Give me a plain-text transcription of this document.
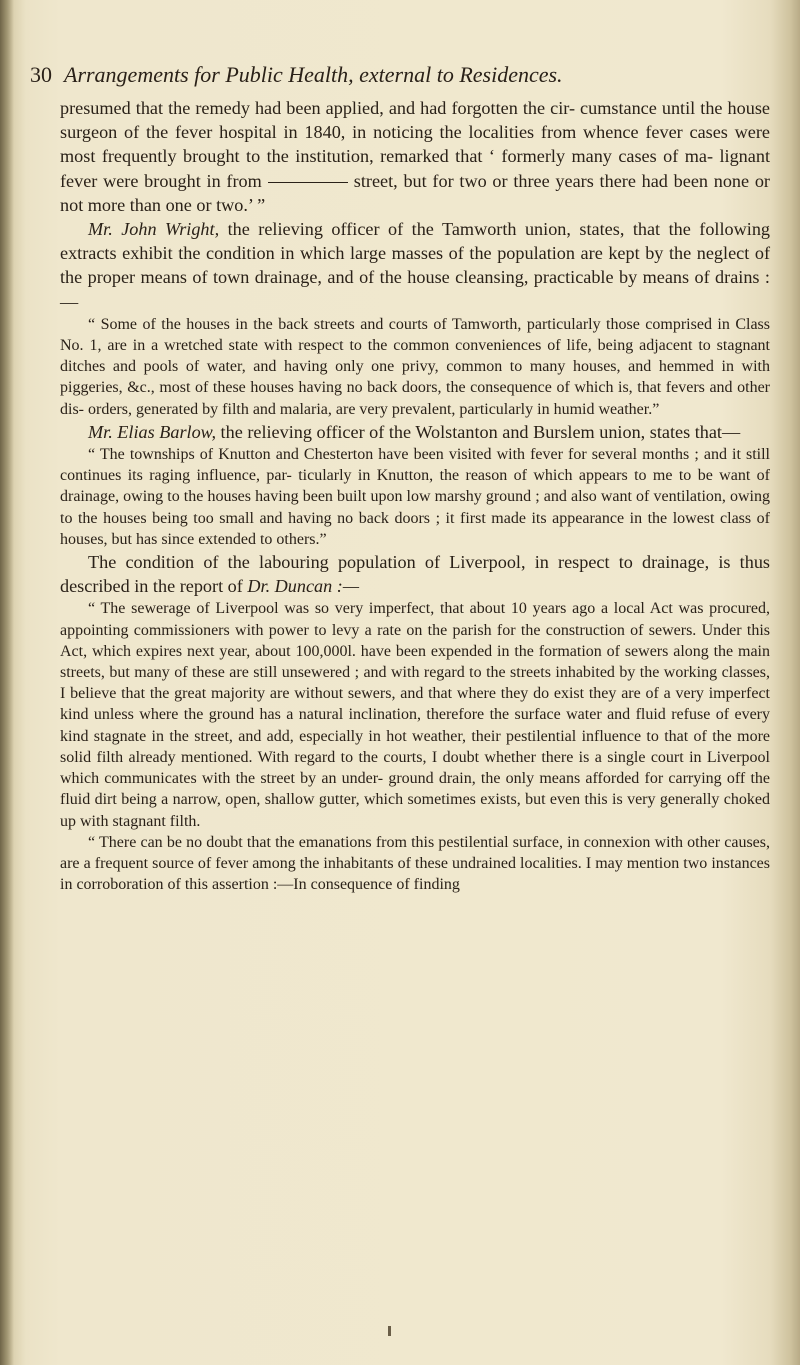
30 Arrangements for Public Health, external to Residences.

presumed that the remedy had been applied, and had forgotten the cir- cumstance until the house surgeon of the fever hospital in 1840, in noticing the localities from whence fever cases were most frequently brought to the institution, remarked that ‘ formerly many cases of ma- lignant fever were brought in from	street, but for two or three years there had been none or not more than one or two.’ ”

Mr. John Wright, the relieving officer of the Tamworth union, states, that the following extracts exhibit the condition in which large masses of the population are kept by the neglect of the proper means of town drainage, and of the house cleansing, practicable by means of drains :—

“ Some of the houses in the back streets and courts of Tamworth, particularly those comprised in Class No. 1, are in a wretched state with respect to the common conveniences of life, being adjacent to stagnant ditches and pools of water, and having only one privy, common to many houses, and hemmed in with piggeries, &c., most of these houses having no back doors, the consequence of which is, that fevers and other dis- orders, generated by filth and malaria, are very prevalent, particularly in humid weather.”

Mr. Elias Barlow, the relieving officer of the Wolstanton and Burslem union, states that—

“ The townships of Knutton and Chesterton have been visited with fever for several months ; and it still continues its raging influence, par- ticularly in Knutton, the reason of which appears to me to be want of drainage, owing to the houses having been built upon low marshy ground ; and also want of ventilation, owing to the houses being too small and having no back doors ; it first made its appearance in the lowest class of houses, but has since extended to others.”

The condition of the labouring population of Liverpool, in respect to drainage, is thus described in the report of Dr. Duncan :—

“ The sewerage of Liverpool was so very imperfect, that about 10 years ago a local Act was procured, appointing commissioners with power to levy a rate on the parish for the construction of sewers. Under this Act, which expires next year, about 100,000l. have been expended in the formation of sewers along the main streets, but many of these are still unsewered ; and with regard to the streets inhabited by the working classes, I believe that the great majority are without sewers, and that where they do exist they are of a very imperfect kind unless where the ground has a natural inclination, therefore the surface water and fluid refuse of every kind stagnate in the street, and add, especially in hot weather, their pestilential influence to that of the more solid filth already mentioned. With regard to the courts, I doubt whether there is a single court in Liverpool which communicates with the street by an under- ground drain, the only means afforded for carrying off the fluid dirt being a narrow, open, shallow gutter, which sometimes exists, but even this is very generally choked up with stagnant filth.

“ There can be no doubt that the emanations from this pestilential surface, in connexion with other causes, are a frequent source of fever among the inhabitants of these undrained localities. I may mention two instances in corroboration of this assertion :—In consequence of finding
